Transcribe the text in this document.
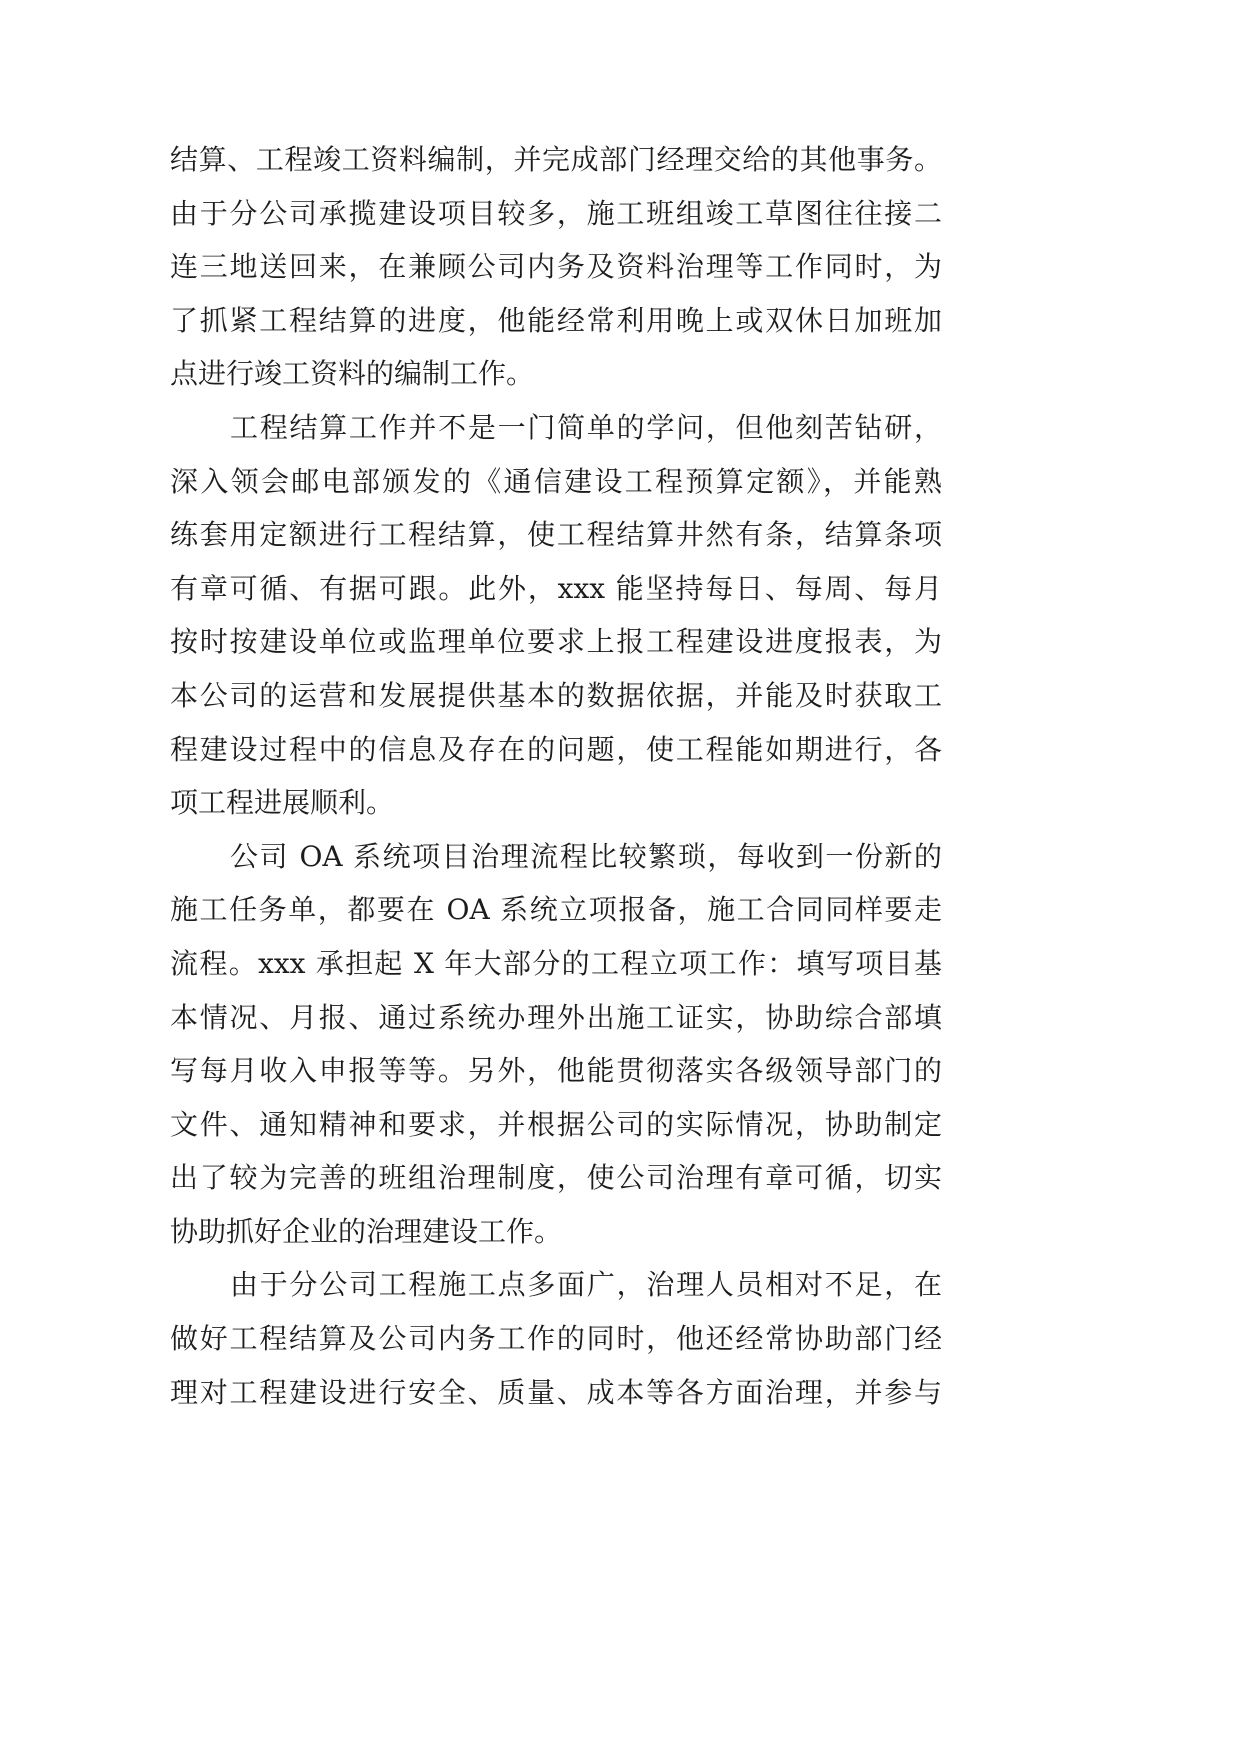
结算、工程竣工资料编制，并完成部门经理交给的其他事务。
由于分公司承揽建设项目较多，施工班组竣工草图往往接二
连三地送回来，在兼顾公司内务及资料治理等工作同时，为
了抓紧工程结算的进度，他能经常利用晚上或双休日加班加
点进行竣工资料的编制工作。
工程结算工作并不是一门简单的学问，但他刻苦钻研，
深入领会邮电部颁发的《通信建设工程预算定额》，并能熟
练套用定额进行工程结算，使工程结算井然有条，结算条项
有章可循、有据可跟。此外，xxx 能坚持每日、每周、每月
按时按建设单位或监理单位要求上报工程建设进度报表，为
本公司的运营和发展提供基本的数据依据，并能及时获取工
程建设过程中的信息及存在的问题，使工程能如期进行，各
项工程进展顺利。
公司 OA 系统项目治理流程比较繁琐，每收到一份新的
施工任务单，都要在 OA 系统立项报备，施工合同同样要走
流程。xxx 承担起 X 年大部分的工程立项工作：填写项目基
本情况、月报、通过系统办理外出施工证实，协助综合部填
写每月收入申报等等。另外，他能贯彻落实各级领导部门的
文件、通知精神和要求，并根据公司的实际情况，协助制定
出了较为完善的班组治理制度，使公司治理有章可循，切实
协助抓好企业的治理建设工作。
由于分公司工程施工点多面广，治理人员相对不足，在
做好工程结算及公司内务工作的同时，他还经常协助部门经
理对工程建设进行安全、质量、成本等各方面治理，并参与
